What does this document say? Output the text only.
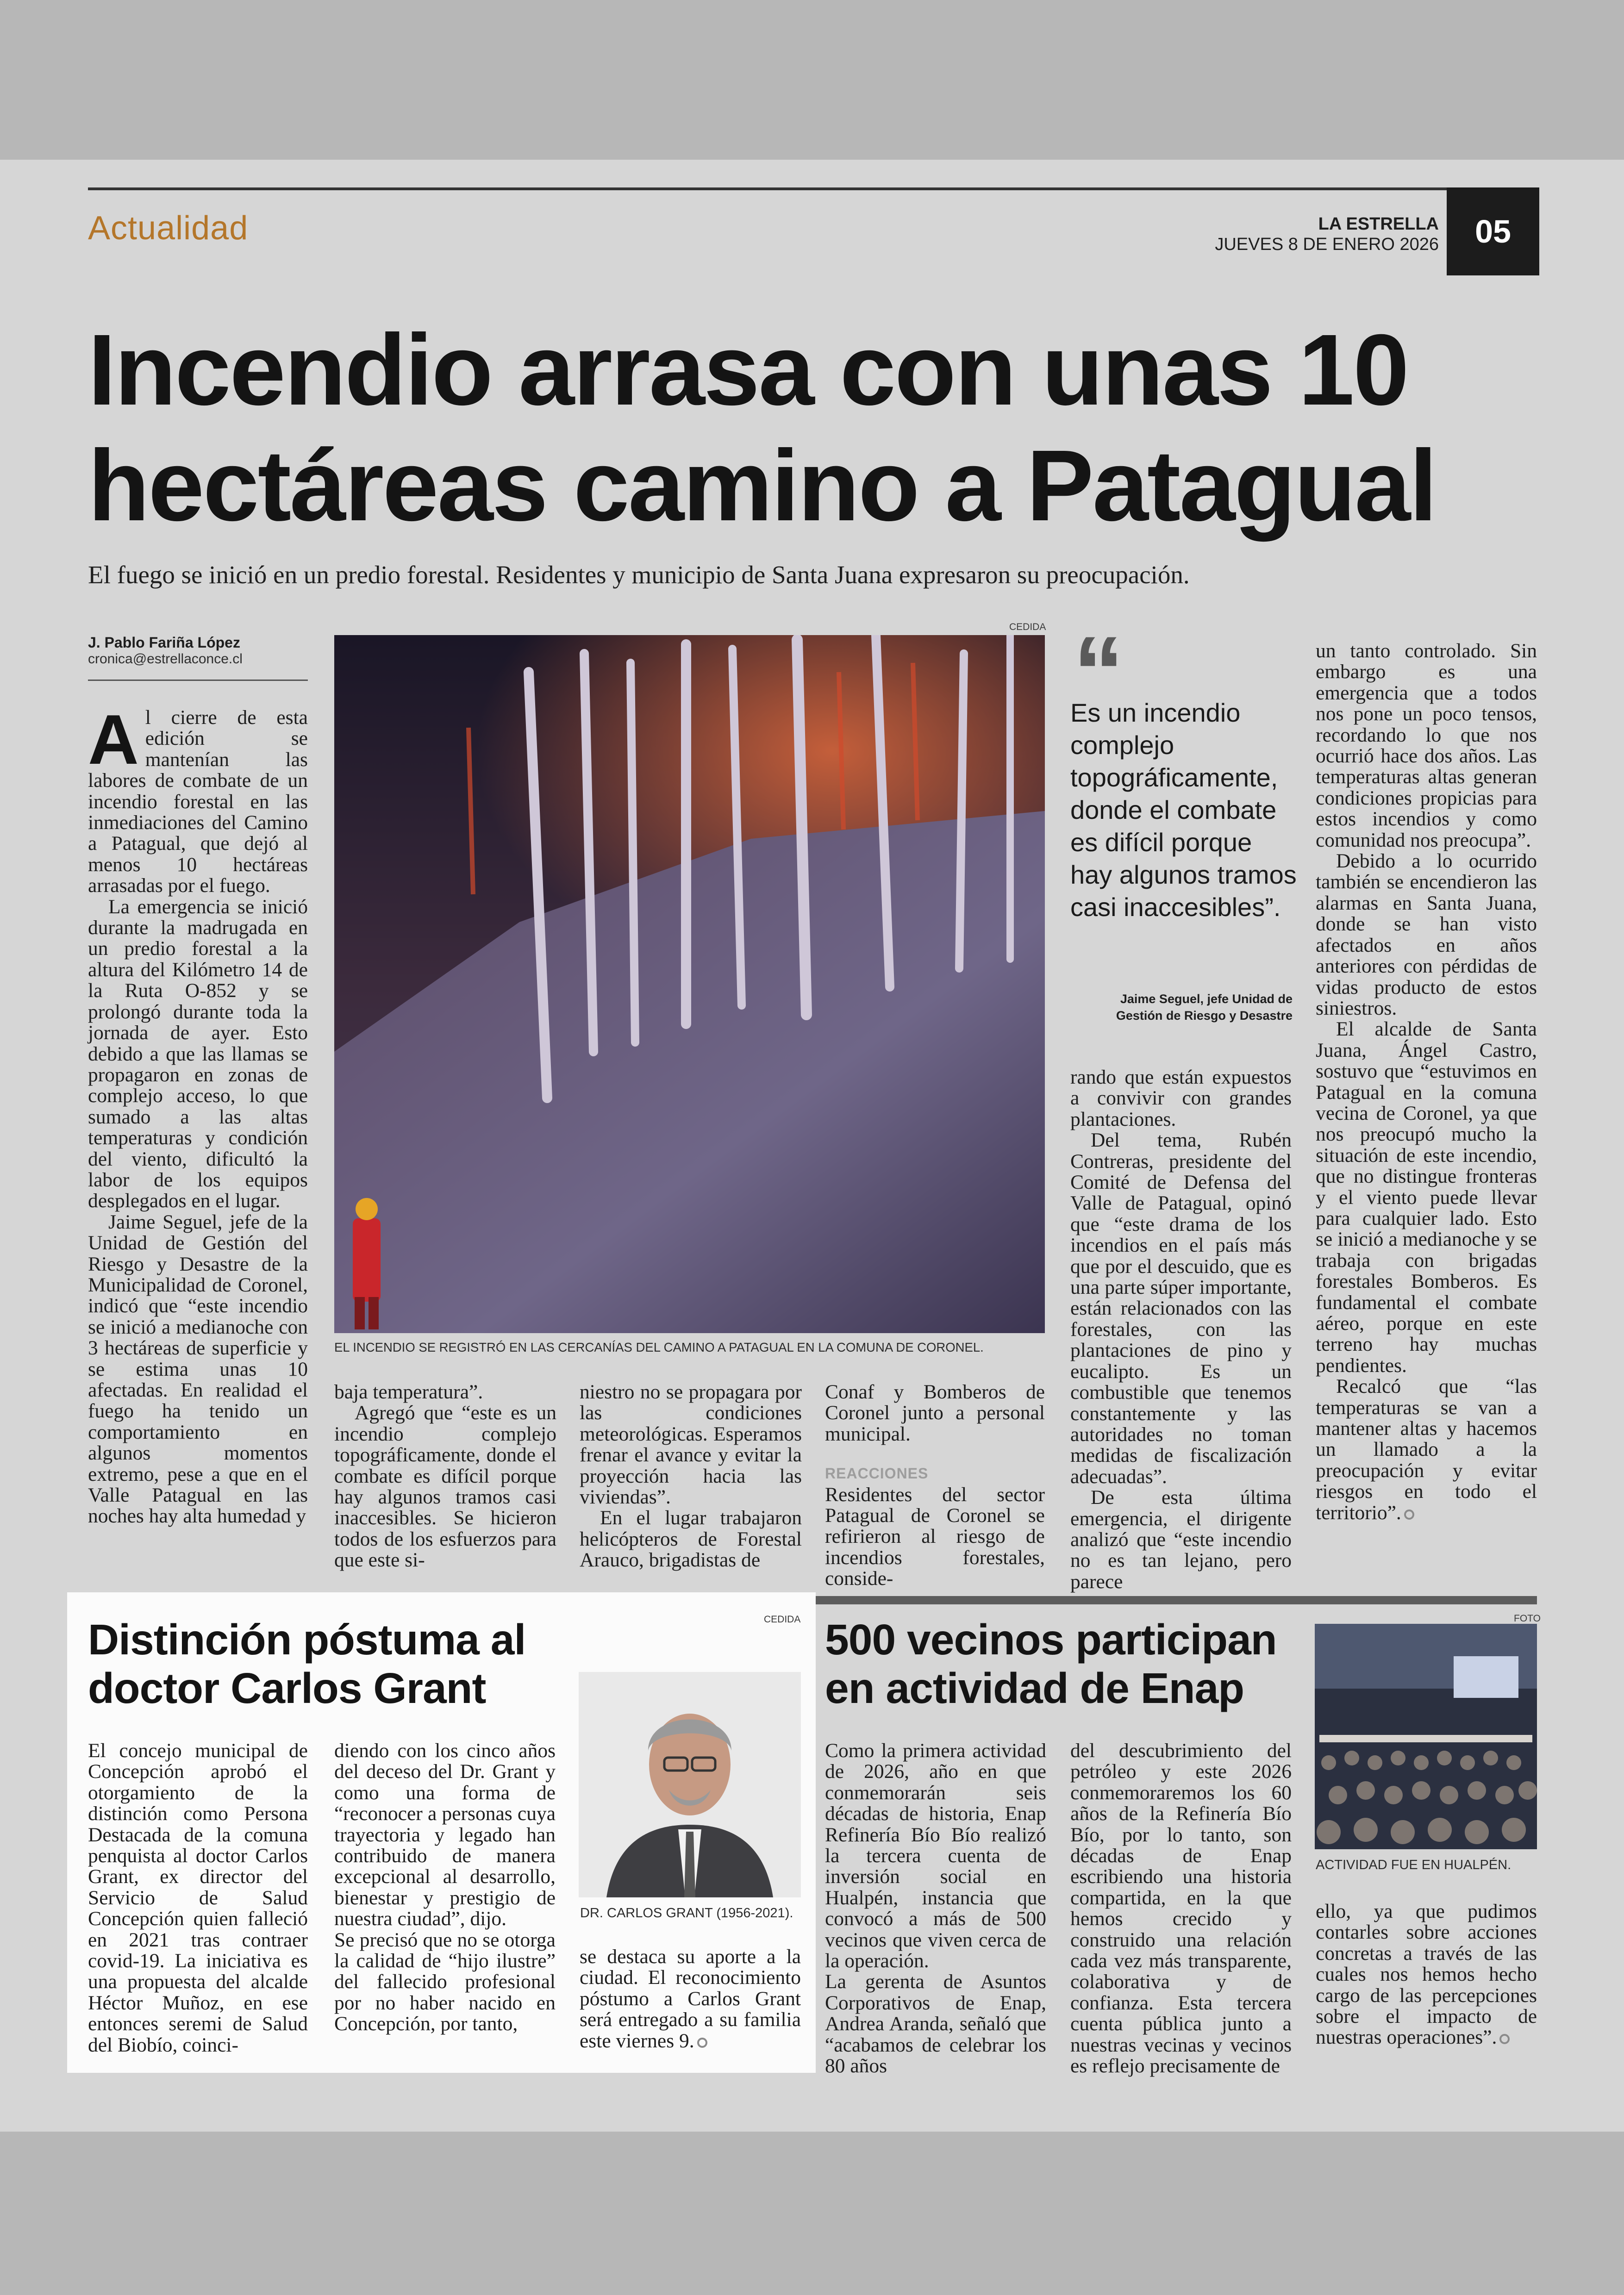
Actualidad	LA ESTRELLA
JUEVES 8 DE ENERO 2026	05
Incendio arrasa con unas 10 hectáreas camino a Patagual
El fuego se inició en un predio forestal. Residentes y municipio de Santa Juana expresaron su preocupación.
J. Pablo Fariña López
cronica@estrellaconce.cl
A l cierre de esta edición se mantenían las labores de combate de un incendio forestal en las inmediaciones del Camino a Patagual, que dejó al menos 10 hectáreas arrasadas por el fuego.

La emergencia se inició durante la madrugada en un predio forestal a la altura del Kilómetro 14 de la Ruta O-852 y se prolongó durante toda la jornada de ayer. Esto debido a que las llamas se propagaron en zonas de complejo acceso, lo que sumado a las altas temperaturas y condición del viento, dificultó la labor de los equipos desplegados en el lugar.

Jaime Seguel, jefe de la Unidad de Gestión del Riesgo y Desastre de la Municipalidad de Coronel, indicó que “este incendio se inició a medianoche con 3 hectáreas de superficie y se estima unas 10 afectadas. En realidad el fuego ha tenido un comportamiento en algunos momentos extremo, pese a que en el Valle Patagual en las noches hay alta humedad y

CEDIDA
EL INCENDIO SE REGISTRÓ EN LAS CERCANÍAS DEL CAMINO A PATAGUAL EN LA COMUNA DE CORONEL.
“
Es un incendio complejo topográficamente, donde el combate es difícil porque hay algunos tramos casi inaccesibles”.
Jaime Seguel, jefe Unidad de Gestión de Riesgo y Desastre

baja temperatura”.

Agregó que “este es un incendio complejo topográficamente, donde el combate es difícil porque hay algunos tramos casi inaccesibles. Se hicieron todos de los esfuerzos para que este si-

niestro no se propagara por las condiciones meteorológicas. Esperamos frenar el avance y evitar la proyección hacia las viviendas”.

En el lugar trabajaron helicópteros de Forestal Arauco, brigadistas de

Conaf y Bomberos de Coronel junto a personal municipal.

REACCIONES

Residentes del sector Patagual de Coronel se refirieron al riesgo de incendios forestales, conside-

rando que están expuestos a convivir con grandes plantaciones.

Del tema, Rubén Contreras, presidente del Comité de Defensa del Valle de Patagual, opinó que “este drama de los incendios en el país más que por el descuido, que es una parte súper importante, están relacionados con las forestales, con las plantaciones de pino y eucalipto. Es un combustible que tenemos constantemente y las autoridades no toman medidas de fiscalización adecuadas”.

De esta última emergencia, el dirigente analizó que “este incendio no es tan lejano, pero parece

un tanto controlado. Sin embargo es una emergencia que a todos nos pone un poco tensos, recordando lo que nos ocurrió hace dos años. Las temperaturas altas generan condiciones propicias para estos incendios y como comunidad nos preocupa”.

Debido a lo ocurrido también se encendieron las alarmas en Santa Juana, donde se han visto afectados en años anteriores con pérdidas de vidas producto de estos siniestros.

El alcalde de Santa Juana, Ángel Castro, sostuvo que “estuvimos en Patagual en la comuna vecina de Coronel, ya que nos preocupó mucho la situación de este incendio, que no distingue fronteras y el viento puede llevar para cualquier lado. Esto se inició a medianoche y se trabaja con brigadas forestales Bomberos. Es fundamental el combate aéreo, porque en este terreno hay muchas pendientes.

Recalcó que “las temperaturas se van a mantener altas y hacemos un llamado a la preocupación y evitar riesgos en todo el territorio”.

Distinción póstuma al doctor Carlos Grant
CEDIDA
DR. CARLOS GRANT (1956-2021).

El concejo municipal de Concepción aprobó el otorgamiento de la distinción como Persona Destacada de la comuna penquista al doctor Carlos Grant, ex director del Servicio de Salud Concepción quien falleció en 2021 tras contraer covid-19. La iniciativa es una propuesta del alcalde Héctor Muñoz, en ese entonces seremi de Salud del Biobío, coinci-

diendo con los cinco años del deceso del Dr. Grant y como una forma de “reconocer a personas cuya trayectoria y legado han contribuido de manera excepcional al desarrollo, bienestar y prestigio de nuestra ciudad”, dijo.

Se precisó que no se otorga la calidad de “hijo ilustre” del fallecido profesional por no haber nacido en Concepción, por tanto,

se destaca su aporte a la ciudad. El reconocimiento póstumo a Carlos Grant será entregado a su familia este viernes 9.

500 vecinos participan en actividad de Enap
FOTO
ACTIVIDAD FUE EN HUALPÉN.

Como la primera actividad de 2026, año en que conmemorarán seis décadas de historia, Enap Refinería Bío Bío realizó la tercera cuenta de inversión social en Hualpén, instancia que convocó a más de 500 vecinos que viven cerca de la operación.

La gerenta de Asuntos Corporativos de Enap, Andrea Aranda, señaló que “acabamos de celebrar los 80 años

del descubrimiento del petróleo y este 2026 conmemoraremos los 60 años de la Refinería Bío Bío, por lo tanto, son décadas de Enap escribiendo una historia compartida, en la que hemos crecido y construido una relación cada vez más transparente, colaborativa y de confianza. Esta tercera cuenta pública junto a nuestras vecinas y vecinos es reflejo precisamente de

ello, ya que pudimos contarles sobre acciones concretas a través de las cuales nos hemos hecho cargo de las percepciones sobre el impacto de nuestras operaciones”.
